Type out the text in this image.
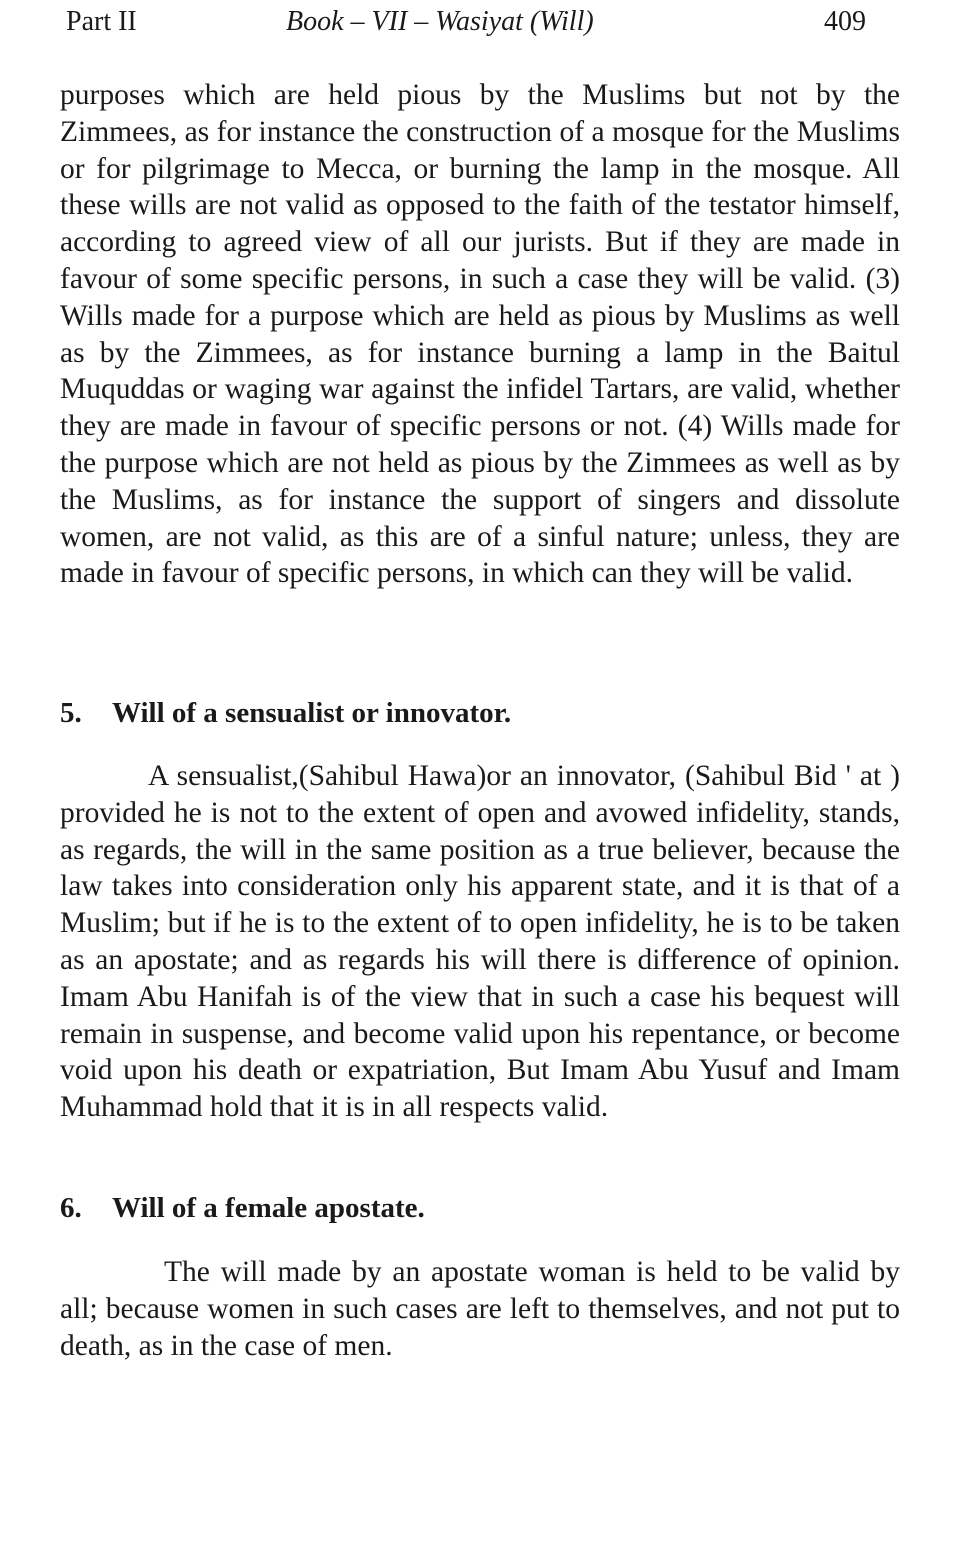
Part II	Book – VII – Wasiyat (Will)	409

purposes which are held pious by the Muslims but not by the Zimmees, as for instance the construction of a mosque for the Muslims or for pilgrimage to Mecca, or burning the lamp in the mosque. All these wills are not valid as opposed to the faith of the testator himself, according to agreed view of all our jurists. But if they are made in favour of some specific persons, in such a case they will be valid. (3) Wills made for a purpose which are held as pious by Muslims as well as by the Zimmees, as for instance burning a lamp in the Baitul Muquddas or waging war against the infidel Tartars, are valid, whether they are made in favour of specific persons or not. (4) Wills made for the purpose which are not held as pious by the Zimmees as well as by the Muslims, as for instance the support of singers and dissolute women, are not valid, as this are of a sinful nature; unless, they are made in favour of specific persons, in which can they will be valid.

5. Will of a sensualist or innovator.

A sensualist,(Sahibul Hawa)or an innovator, (Sahibul Bid ' at ) provided he is not to the extent of open and avowed infidelity, stands, as regards, the will in the same position as a true believer, because the law takes into consideration only his apparent state, and it is that of a Muslim; but if he is to the extent of to open infidelity, he is to be taken as an apostate; and as regards his will there is difference of opinion. Imam Abu Hanifah is of the view that in such a case his bequest will remain in suspense, and become valid upon his repentance, or become void upon his death or expatriation, But Imam Abu Yusuf and Imam Muhammad hold that it is in all respects valid.

6. Will of a female apostate.

The will made by an apostate woman is held to be valid by all; because women in such cases are left to themselves, and not put to death, as in the case of men.
